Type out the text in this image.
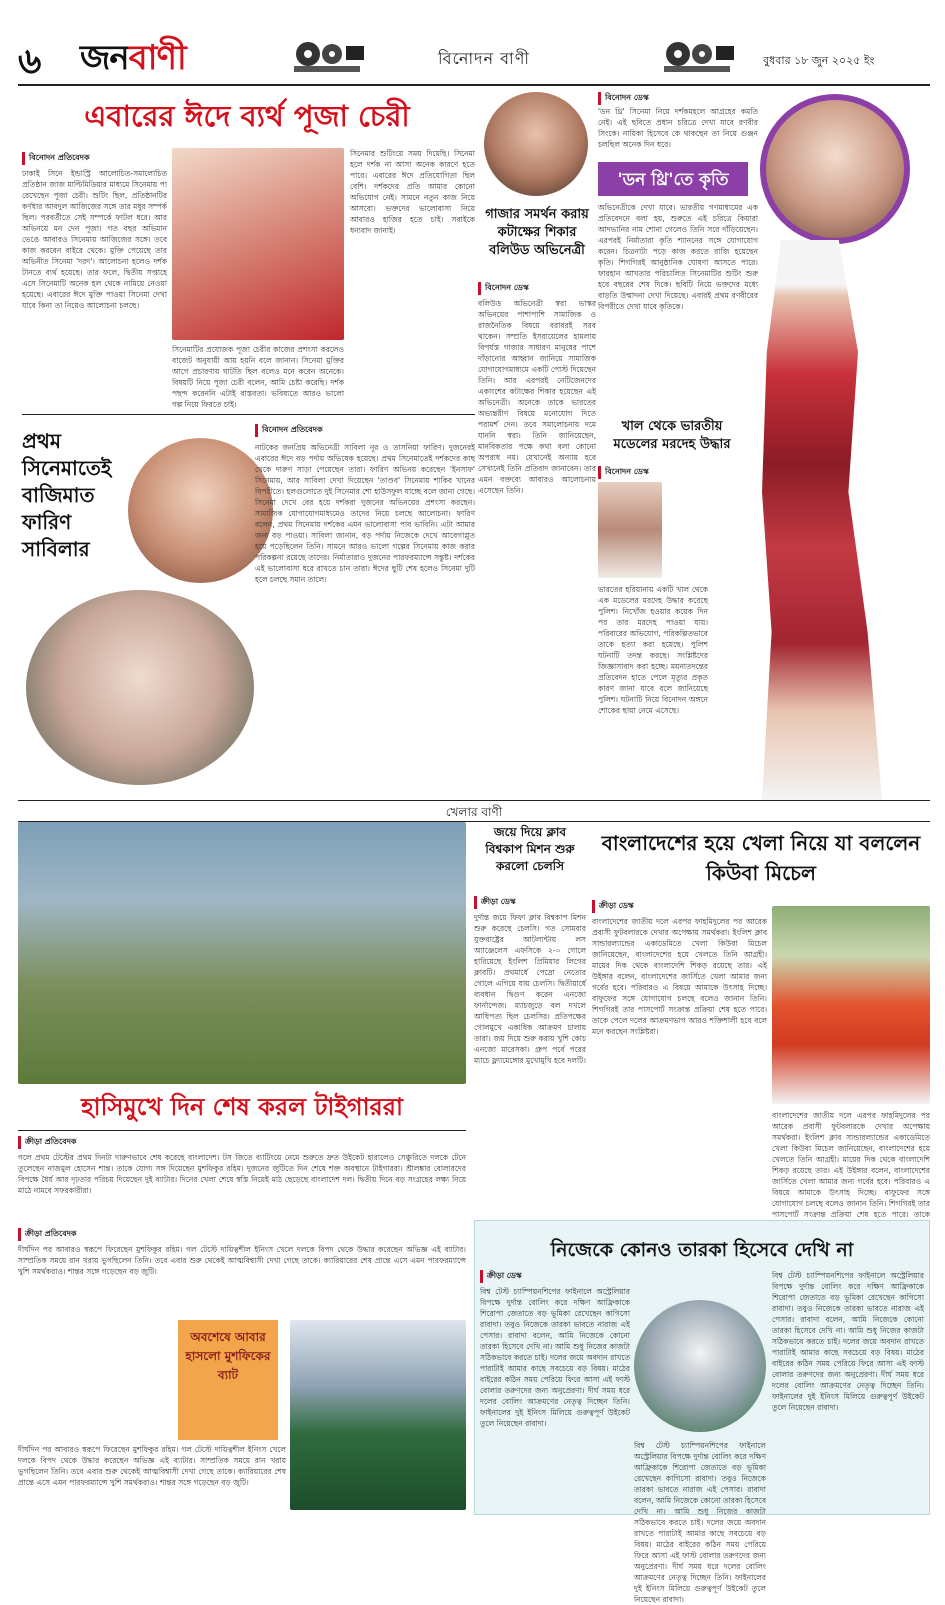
৬ জনবাণী	বিনোদন বাণী	বুধবার ১৮ জুন ২০২৫ ইং
এবারের ঈদে ব্যর্থ পূজা চেরী
বিনোদন প্রতিবেদক
ঢাকাই সিনে ইন্ডাস্ট্রি আলোচিত-সমালোচিত প্রতিষ্ঠান জাজ মাল্টিমিডিয়ার মাধ্যমে সিনেমায় পা রেখেছেন পূজা চেরী। শুটিং ছিল, প্রতিষ্ঠানটির কর্ণধার আবদুল আজিজের সঙ্গে তার মধুর সম্পর্ক ছিল। পরবর্তীতে সেই সম্পর্কে ফাটল ধরে। আর অভিনয়ে মন দেন পূজা। গত বছর অভিমান ভেঙে আবারও সিনেমায় আজিজের সঙ্গে। তবে কাজ করবেন বাইরে থেকে। মুক্তি পেয়েছে তার অভিনীত সিনেমা 'দরদ'। আলোচনা হলেও দর্শক টানতে ব্যর্থ হয়েছে। তার ফলে, দ্বিতীয় সপ্তাহে এসে সিনেমাটি অনেক হল থেকে নামিয়ে নেওয়া হয়েছে। এবারের ঈদে মুক্তি পাওয়া সিনেমা দেখা যাবে কিনা তা নিয়েও আলোচনা চলছে।
সিনেমাটির প্রযোজক পূজা চেরীর কাজের প্রশংসা করলেও বাজেট অনুযায়ী আয় হয়নি বলে জানান। সিনেমা মুক্তির আগে প্রচারণায় ঘাটতি ছিল বলেও মনে করেন অনেকে। বিষয়টি নিয়ে পূজা চেরী বলেন, আমি চেষ্টা করেছি। দর্শক পছন্দ করেননি এটাই বাস্তবতা। ভবিষ্যতে আরও ভালো গল্প নিয়ে ফিরতে চাই।
সিনেমার শুটিংয়ে সময় দিয়েছি। সিনেমা হলে দর্শক না আসা অনেক কারণে হতে পারে। এবারের ঈদে প্রতিযোগিতা ছিল বেশি। দর্শকদের প্রতি আমার কোনো অভিযোগ নেই। সামনে নতুন কাজ নিয়ে আসবো। ভক্তদের ভালোবাসা নিয়ে আবারও হাজির হতে চাই। সবাইকে ধন্যবাদ জানাই।
প্রথম সিনেমাতেই বাজিমাত ফারিণ সাবিলার
বিনোদন প্রতিবেদক
নাটকের জনপ্রিয় অভিনেত্রী সাবিলা নূর ও তাসনিয়া ফারিণ। দুজনেরই এবারের ঈদে বড় পর্দায় অভিষেক হয়েছে। প্রথম সিনেমাতেই দর্শকদের কাছ থেকে দারুণ সাড়া পেয়েছেন তারা। ফারিণ অভিনয় করেছেন 'ইনসাফ' সিনেমায়, আর সাবিলা দেখা দিয়েছেন 'তাণ্ডব' সিনেমায় শাকিব খানের বিপরীতে। হলগুলোতে দুই সিনেমার শো হাউসফুল যাচ্ছে বলে জানা গেছে। সিনেমা দেখে বের হয়ে দর্শকরা দুজনের অভিনয়ের প্রশংসা করছেন। সামাজিক যোগাযোগমাধ্যমেও তাদের নিয়ে চলছে আলোচনা। ফারিণ বলেন, প্রথম সিনেমায় দর্শকের এমন ভালোবাসা পাব ভাবিনি। এটা আমার জন্য বড় পাওয়া। সাবিলা জানান, বড় পর্দায় নিজেকে দেখে আবেগাপ্লুত হয়ে পড়েছিলেন তিনি। সামনে আরও ভালো গল্পের সিনেমায় কাজ করার পরিকল্পনা রয়েছে তাদের। নির্মাতারাও দুজনের পারফরম্যান্সে সন্তুষ্ট। দর্শকের এই ভালোবাসা ধরে রাখতে চান তারা। ঈদের ছুটি শেষ হলেও সিনেমা দুটি হলে চলছে সমান তালে।
গাজার সমর্থন করায় কটাক্ষের শিকার বলিউড অভিনেত্রী
বিনোদন ডেস্ক
বলিউড অভিনেত্রী স্বরা ভাস্কর অভিনয়ের পাশাপাশি সামাজিক ও রাজনৈতিক বিষয়ে বরাবরই সরব থাকেন। সম্প্রতি ইসরায়েলের হামলায় বিপর্যস্ত গাজার সাধারণ মানুষের পাশে দাঁড়ানোর আহ্বান জানিয়ে সামাজিক যোগাযোগমাধ্যমে একটি পোস্ট দিয়েছেন তিনি। আর এরপরই নেটিজেনদের একাংশের কটাক্ষের শিকার হয়েছেন এই অভিনেত্রী। অনেকে তাকে ভারতের অভ্যন্তরীণ বিষয়ে মনোযোগ দিতে পরামর্শ দেন। তবে সমালোচনায় দমে যাননি স্বরা। তিনি জানিয়েছেন, মানবিকতার পক্ষে কথা বলা কোনো অপরাধ নয়। যেখানেই অন্যায় হবে সেখানেই তিনি প্রতিবাদ জানাবেন। তার এমন বক্তব্যে আবারও আলোচনায় এসেছেন তিনি।
বিনোদন ডেস্ক
'ডন থ্রি' সিনেমা নিয়ে দর্শকমহলে আগ্রহের কমতি নেই। এই ছবিতে প্রধান চরিত্রে দেখা যাবে রণবীর সিংকে। নায়িকা হিসেবে কে থাকছেন তা নিয়ে গুঞ্জন চলছিল অনেক দিন ধরে।
'ডন থ্রি'তে কৃতি
অভিনেত্রীকে দেখা যাবে। ভারতীয় গণমাধ্যমের এক প্রতিবেদনে বলা হয়, শুরুতে এই চরিত্রে কিয়ারা আদভানির নাম শোনা গেলেও তিনি সরে দাঁড়িয়েছেন। এরপরই নির্মাতারা কৃতি শ্যাননের সঙ্গে যোগাযোগ করেন। চিত্রনাট্য পড়ে কাজ করতে রাজি হয়েছেন কৃতি। শিগগিরই আনুষ্ঠানিক ঘোষণা আসতে পারে। ফারহান আখতার পরিচালিত সিনেমাটির শুটিং শুরু হবে বছরের শেষ দিকে। ছবিটি নিয়ে ভক্তদের মধ্যে বাড়তি উন্মাদনা দেখা দিয়েছে। এবারই প্রথম রণবীরের বিপরীতে দেখা যাবে কৃতিকে।
খাল থেকে ভারতীয় মডেলের মরদেহ উদ্ধার
বিনোদন ডেস্ক
ভারতের হরিয়ানায় একটি খাল থেকে এক মডেলের মরদেহ উদ্ধার করেছে পুলিশ। নিখোঁজ হওয়ার কয়েক দিন পর তার মরদেহ পাওয়া যায়। পরিবারের অভিযোগ, পরিকল্পিতভাবে তাকে হত্যা করা হয়েছে। পুলিশ ঘটনাটি তদন্ত করছে। সংশ্লিষ্টদের জিজ্ঞাসাবাদ করা হচ্ছে। ময়নাতদন্তের প্রতিবেদন হাতে পেলে মৃত্যুর প্রকৃত কারণ জানা যাবে বলে জানিয়েছে পুলিশ। ঘটনাটি নিয়ে বিনোদন অঙ্গনে শোকের ছায়া নেমে এসেছে।
খেলার বাণী
হাসিমুখে দিন শেষ করল টাইগাররা
ক্রীড়া প্রতিবেদক
গলে প্রথম টেস্টের প্রথম দিনটা দারুণভাবে শেষ করেছে বাংলাদেশ। টস জিতে ব্যাটিংয়ে নেমে শুরুতে দ্রুত উইকেট হারালেও সেঞ্চুরিতে দলকে টেনে তুলেছেন নাজমুল হোসেন শান্ত। তাকে যোগ্য সঙ্গ দিয়েছেন মুশফিকুর রহিম। দুজনের জুটিতে দিন শেষে শক্ত অবস্থানে টাইগাররা। শ্রীলঙ্কার বোলারদের বিপক্ষে ধৈর্য আর দৃঢ়তার পরিচয় দিয়েছেন দুই ব্যাটার। দিনের খেলা শেষে স্বস্তি নিয়েই মাঠ ছেড়েছে বাংলাদেশ দল। দ্বিতীয় দিনে বড় সংগ্রহের লক্ষ্য নিয়ে মাঠে নামবে সফরকারীরা।
ক্রীড়া প্রতিবেদক
দীর্ঘদিন পর আবারও স্বরূপে ফিরেছেন মুশফিকুর রহিম। গল টেস্টে দায়িত্বশীল ইনিংস খেলে দলকে বিপদ থেকে উদ্ধার করেছেন অভিজ্ঞ এই ব্যাটার। সাম্প্রতিক সময়ে রান খরায় ভুগছিলেন তিনি। তবে এবার শুরু থেকেই আত্মবিশ্বাসী দেখা গেছে তাকে। ক্যারিয়ারের শেষ প্রান্তে এসে এমন পারফরম্যান্সে খুশি সমর্থকরাও। শান্তর সঙ্গে গড়েছেন বড় জুটি।
অবশেষে আবার হাসলো মুশফিকের ব্যাট
দীর্ঘদিন পর আবারও স্বরূপে ফিরেছেন মুশফিকুর রহিম। গল টেস্টে দায়িত্বশীল ইনিংস খেলে দলকে বিপদ থেকে উদ্ধার করেছেন অভিজ্ঞ এই ব্যাটার। সাম্প্রতিক সময়ে রান খরায় ভুগছিলেন তিনি। তবে এবার শুরু থেকেই আত্মবিশ্বাসী দেখা গেছে তাকে। ক্যারিয়ারের শেষ প্রান্তে এসে এমন পারফরম্যান্সে খুশি সমর্থকরাও। শান্তর সঙ্গে গড়েছেন বড় জুটি।
জয়ে দিয়ে ক্লাব বিশ্বকাপ মিশন শুরু করলো চেলসি
ক্রীড়া ডেস্ক
দুর্দান্ত জয়ে ফিফা ক্লাব বিশ্বকাপ মিশন শুরু করেছে চেলসি। গত সোমবার যুক্তরাষ্ট্রের আটলান্টায় লস অ্যাঞ্জেলেস এফসিকে ২-০ গোলে হারিয়েছে ইংলিশ প্রিমিয়ার লিগের ক্লাবটি। প্রথমার্ধে পেদ্রো নেতোর গোলে এগিয়ে যায় চেলসি। দ্বিতীয়ার্ধে ব্যবধান দ্বিগুণ করেন এনজো ফার্নান্দেজ। ম্যাচজুড়ে বল দখলে আধিপত্য ছিল চেলসির। প্রতিপক্ষের গোলমুখে একাধিক আক্রমণ চালায় তারা। জয় দিয়ে শুরু করায় খুশি কোচ এনজো মারেসকা। গ্রুপ পর্বে পরের ম্যাচে ফ্ল্যামেঙ্গোর মুখোমুখি হবে দলটি।
বাংলাদেশের হয়ে খেলা নিয়ে যা বললেন কিউবা মিচেল
ক্রীড়া ডেস্ক
বাংলাদেশের জাতীয় দলে এরপর ফাহমিদুলের পর আরেক প্রবাসী ফুটবলারকে দেখার অপেক্ষায় সমর্থকরা। ইংলিশ ক্লাব সান্ডারল্যান্ডের একাডেমিতে খেলা কিউবা মিচেল জানিয়েছেন, বাংলাদেশের হয়ে খেলতে তিনি আগ্রহী। মায়ের দিক থেকে বাংলাদেশি শিকড় রয়েছে তার। এই উইঙ্গার বলেন, বাংলাদেশের জার্সিতে খেলা আমার জন্য গর্বের হবে। পরিবারও এ বিষয়ে আমাকে উৎসাহ দিচ্ছে। বাফুফের সঙ্গে যোগাযোগ চলছে বলেও জানান তিনি। শিগগিরই তার পাসপোর্ট সংক্রান্ত প্রক্রিয়া শেষ হতে পারে। তাকে পেলে দলের আক্রমণভাগ আরও শক্তিশালী হবে বলে মনে করছেন সংশ্লিষ্টরা।
বাংলাদেশের জাতীয় দলে এরপর ফাহমিদুলের পর আরেক প্রবাসী ফুটবলারকে দেখার অপেক্ষায় সমর্থকরা। ইংলিশ ক্লাব সান্ডারল্যান্ডের একাডেমিতে খেলা কিউবা মিচেল জানিয়েছেন, বাংলাদেশের হয়ে খেলতে তিনি আগ্রহী। মায়ের দিক থেকে বাংলাদেশি শিকড় রয়েছে তার। এই উইঙ্গার বলেন, বাংলাদেশের জার্সিতে খেলা আমার জন্য গর্বের হবে। পরিবারও এ বিষয়ে আমাকে উৎসাহ দিচ্ছে। বাফুফের সঙ্গে যোগাযোগ চলছে বলেও জানান তিনি। শিগগিরই তার পাসপোর্ট সংক্রান্ত প্রক্রিয়া শেষ হতে পারে। তাকে
নিজেকে কোনও তারকা হিসেবে দেখি না
ক্রীড়া ডেস্ক
বিশ্ব টেস্ট চ্যাম্পিয়নশিপের ফাইনালে অস্ট্রেলিয়ার বিপক্ষে দুর্দান্ত বোলিং করে দক্ষিণ আফ্রিকাকে শিরোপা জেতাতে বড় ভূমিকা রেখেছেন কাগিসো রাবাদা। তবুও নিজেকে তারকা ভাবতে নারাজ এই পেসার। রাবাদা বলেন, আমি নিজেকে কোনো তারকা হিসেবে দেখি না। আমি শুধু নিজের কাজটা সঠিকভাবে করতে চাই। দলের জয়ে অবদান রাখতে পারাটাই আমার কাছে সবচেয়ে বড় বিষয়। মাঠের বাইরের কঠিন সময় পেরিয়ে ফিরে আসা এই ফাস্ট বোলার তরুণদের জন্য অনুপ্রেরণা। দীর্ঘ সময় ধরে দলের বোলিং আক্রমণের নেতৃত্ব দিচ্ছেন তিনি। ফাইনালের দুই ইনিংস মিলিয়ে গুরুত্বপূর্ণ উইকেট তুলে নিয়েছেন রাবাদা।
বিশ্ব টেস্ট চ্যাম্পিয়নশিপের ফাইনালে অস্ট্রেলিয়ার বিপক্ষে দুর্দান্ত বোলিং করে দক্ষিণ আফ্রিকাকে শিরোপা জেতাতে বড় ভূমিকা রেখেছেন কাগিসো রাবাদা। তবুও নিজেকে তারকা ভাবতে নারাজ এই পেসার। রাবাদা বলেন, আমি নিজেকে কোনো তারকা হিসেবে দেখি না। আমি শুধু নিজের কাজটা সঠিকভাবে করতে চাই। দলের জয়ে অবদান রাখতে পারাটাই আমার কাছে সবচেয়ে বড় বিষয়। মাঠের বাইরের কঠিন সময় পেরিয়ে ফিরে আসা এই ফাস্ট বোলার তরুণদের জন্য অনুপ্রেরণা। দীর্ঘ সময় ধরে দলের বোলিং আক্রমণের নেতৃত্ব দিচ্ছেন তিনি। ফাইনালের দুই ইনিংস মিলিয়ে গুরুত্বপূর্ণ উইকেট তুলে নিয়েছেন রাবাদা।
বিশ্ব টেস্ট চ্যাম্পিয়নশিপের ফাইনালে অস্ট্রেলিয়ার বিপক্ষে দুর্দান্ত বোলিং করে দক্ষিণ আফ্রিকাকে শিরোপা জেতাতে বড় ভূমিকা রেখেছেন কাগিসো রাবাদা। তবুও নিজেকে তারকা ভাবতে নারাজ এই পেসার। রাবাদা বলেন, আমি নিজেকে কোনো তারকা হিসেবে দেখি না। আমি শুধু নিজের কাজটা সঠিকভাবে করতে চাই। দলের জয়ে অবদান রাখতে পারাটাই আমার কাছে সবচেয়ে বড় বিষয়। মাঠের বাইরের কঠিন সময় পেরিয়ে ফিরে আসা এই ফাস্ট বোলার তরুণদের জন্য অনুপ্রেরণা। দীর্ঘ সময় ধরে দলের বোলিং আক্রমণের নেতৃত্ব দিচ্ছেন তিনি। ফাইনালের দুই ইনিংস মিলিয়ে গুরুত্বপূর্ণ উইকেট তুলে নিয়েছেন রাবাদা।
